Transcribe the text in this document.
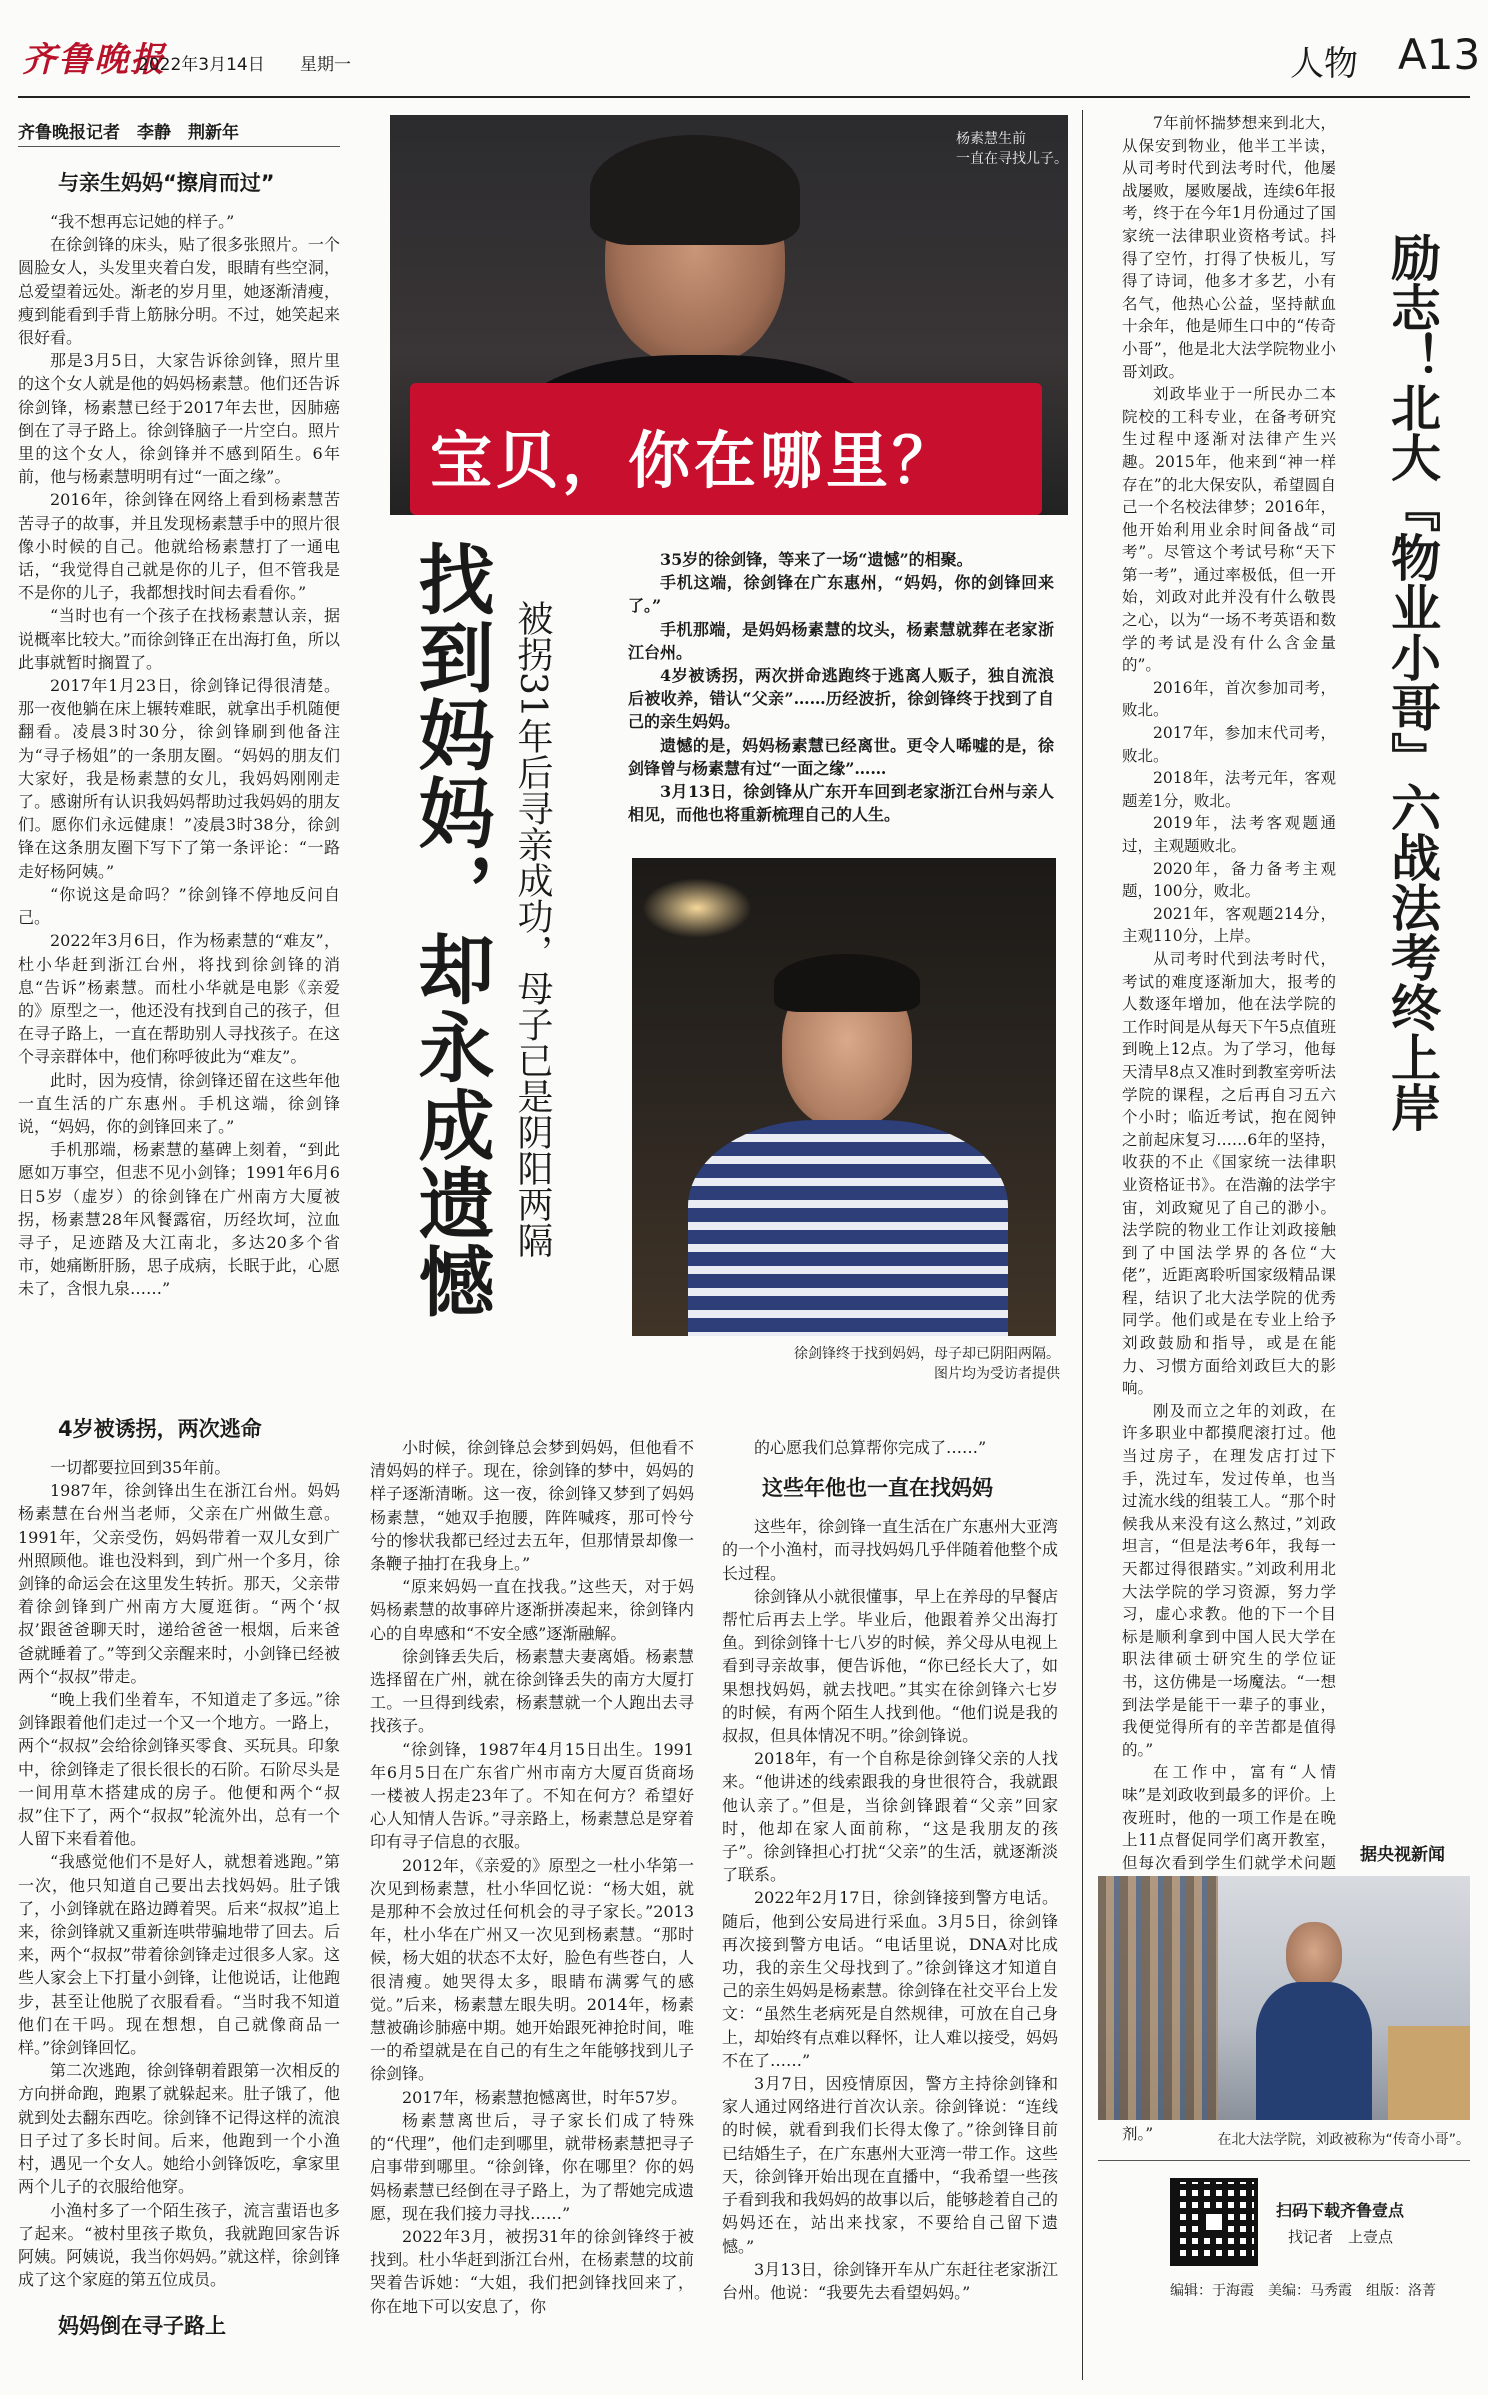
齐鲁晚报
2022年3月14日 星期一	人物 A13
齐鲁晚报记者　李静　荆新年
宝贝，你在哪里？
杨素慧生前
一直在寻找儿子。
找到妈妈，却永成遗憾 被拐31年后寻亲成功，母子已是阴阳两隔

35岁的徐剑锋，等来了一场“遗憾”的相聚。

手机这端，徐剑锋在广东惠州，“妈妈，你的剑锋回来了。”

手机那端，是妈妈杨素慧的坟头，杨素慧就葬在老家浙江台州。

4岁被诱拐，两次拼命逃跑终于逃离人贩子，独自流浪后被收养，错认“父亲”……历经波折，徐剑锋终于找到了自己的亲生妈妈。

遗憾的是，妈妈杨素慧已经离世。更令人唏嘘的是，徐剑锋曾与杨素慧有过“一面之缘”……

3月13日，徐剑锋从广东开车回到老家浙江台州与亲人相见，而他也将重新梳理自己的人生。

徐剑锋终于找到妈妈，母子却已阴阳两隔。
图片均为受访者提供
与亲生妈妈“擦肩而过”

“我不想再忘记她的样子。”

在徐剑锋的床头，贴了很多张照片。一个圆脸女人，头发里夹着白发，眼睛有些空洞，总爱望着远处。渐老的岁月里，她逐渐清瘦，瘦到能看到手背上筋脉分明。不过，她笑起来很好看。

那是3月5日，大家告诉徐剑锋，照片里的这个女人就是他的妈妈杨素慧。他们还告诉徐剑锋，杨素慧已经于2017年去世，因肺癌倒在了寻子路上。徐剑锋脑子一片空白。照片里的这个女人，徐剑锋并不感到陌生。6年前，他与杨素慧明明有过“一面之缘”。

2016年，徐剑锋在网络上看到杨素慧苦苦寻子的故事，并且发现杨素慧手中的照片很像小时候的自己。他就给杨素慧打了一通电话，“我觉得自己就是你的儿子，但不管我是不是你的儿子，我都想找时间去看看你。”

“当时也有一个孩子在找杨素慧认亲，据说概率比较大。”而徐剑锋正在出海打鱼，所以此事就暂时搁置了。

2017年1月23日，徐剑锋记得很清楚。那一夜他躺在床上辗转难眠，就拿出手机随便翻看。凌晨3时30分，徐剑锋刷到他备注为“寻子杨姐”的一条朋友圈。“妈妈的朋友们大家好，我是杨素慧的女儿，我妈妈刚刚走了。感谢所有认识我妈妈帮助过我妈妈的朋友们。愿你们永远健康！”凌晨3时38分，徐剑锋在这条朋友圈下写下了第一条评论：“一路走好杨阿姨。”

“你说这是命吗？”徐剑锋不停地反问自己。

2022年3月6日，作为杨素慧的“难友”，杜小华赶到浙江台州，将找到徐剑锋的消息“告诉”杨素慧。而杜小华就是电影《亲爱的》原型之一，他还没有找到自己的孩子，但在寻子路上，一直在帮助别人寻找孩子。在这个寻亲群体中，他们称呼彼此为“难友”。

此时，因为疫情，徐剑锋还留在这些年他一直生活的广东惠州。手机这端，徐剑锋说，“妈妈，你的剑锋回来了。”

手机那端，杨素慧的墓碑上刻着，“到此愿如万事空，但悲不见小剑锋；1991年6月6日5岁（虚岁）的徐剑锋在广州南方大厦被拐，杨素慧28年风餐露宿，历经坎坷，泣血寻子，足迹踏及大江南北，多达20多个省市，她痛断肝肠，思子成病，长眠于此，心愿未了，含恨九泉……”

4岁被诱拐，两次逃命

一切都要拉回到35年前。

1987年，徐剑锋出生在浙江台州。妈妈杨素慧在台州当老师，父亲在广州做生意。1991年，父亲受伤，妈妈带着一双儿女到广州照顾他。谁也没料到，到广州一个多月，徐剑锋的命运会在这里发生转折。那天，父亲带着徐剑锋到广州南方大厦逛街。“两个‘叔叔’跟爸爸聊天时，递给爸爸一根烟，后来爸爸就睡着了。”等到父亲醒来时，小剑锋已经被两个“叔叔”带走。

“晚上我们坐着车，不知道走了多远。”徐剑锋跟着他们走过一个又一个地方。一路上，两个“叔叔”会给徐剑锋买零食、买玩具。印象中，徐剑锋走了很长很长的石阶。石阶尽头是一间用草木搭建成的房子。他便和两个“叔叔”住下了，两个“叔叔”轮流外出，总有一个人留下来看着他。

“我感觉他们不是好人，就想着逃跑。”第一次，他只知道自己要出去找妈妈。肚子饿了，小剑锋就在路边蹲着哭。后来“叔叔”追上来，徐剑锋就又重新连哄带骗地带了回去。后来，两个“叔叔”带着徐剑锋走过很多人家。这些人家会上下打量小剑锋，让他说话，让他跑步，甚至让他脱了衣服看看。“当时我不知道他们在干吗。现在想想，自己就像商品一样。”徐剑锋回忆。

第二次逃跑，徐剑锋朝着跟第一次相反的方向拼命跑，跑累了就躲起来。肚子饿了，他就到处去翻东西吃。徐剑锋不记得这样的流浪日子过了多长时间。后来，他跑到一个小渔村，遇见一个女人。她给小剑锋饭吃，拿家里两个儿子的衣服给他穿。

小渔村多了一个陌生孩子，流言蜚语也多了起来。“被村里孩子欺负，我就跑回家告诉阿姨。阿姨说，我当你妈妈。”就这样，徐剑锋成了这个家庭的第五位成员。

妈妈倒在寻子路上

小时候，徐剑锋总会梦到妈妈，但他看不清妈妈的样子。现在，徐剑锋的梦中，妈妈的样子逐渐清晰。这一夜，徐剑锋又梦到了妈妈杨素慧，“她双手抱腰，阵阵喊疼，那可怜兮兮的惨状我都已经过去五年，但那情景却像一条鞭子抽打在我身上。”

“原来妈妈一直在找我。”这些天，对于妈妈杨素慧的故事碎片逐渐拼凑起来，徐剑锋内心的自卑感和“不安全感”逐渐融解。

徐剑锋丢失后，杨素慧夫妻离婚。杨素慧选择留在广州，就在徐剑锋丢失的南方大厦打工。一旦得到线索，杨素慧就一个人跑出去寻找孩子。

“徐剑锋，1987年4月15日出生。1991年6月5日在广东省广州市南方大厦百货商场一楼被人拐走23年了。不知在何方？希望好心人知情人告诉。”寻亲路上，杨素慧总是穿着印有寻子信息的衣服。

2012年，《亲爱的》原型之一杜小华第一次见到杨素慧，杜小华回忆说：“杨大姐，就是那种不会放过任何机会的寻子家长。”2013年，杜小华在广州又一次见到杨素慧。“那时候，杨大姐的状态不太好，脸色有些苍白，人很清瘦。她哭得太多，眼睛布满雾气的感觉。”后来，杨素慧左眼失明。2014年，杨素慧被确诊肺癌中期。她开始跟死神抢时间，唯一的希望就是在自己的有生之年能够找到儿子徐剑锋。

2017年，杨素慧抱憾离世，时年57岁。

杨素慧离世后，寻子家长们成了特殊的“代理”，他们走到哪里，就带杨素慧把寻子启事带到哪里。“徐剑锋，你在哪里？你的妈妈杨素慧已经倒在寻子路上，为了帮她完成遗愿，现在我们接力寻找……”

2022年3月，被拐31年的徐剑锋终于被找到。杜小华赶到浙江台州，在杨素慧的坟前哭着告诉她：“大姐，我们把剑锋找回来了，你在地下可以安息了，你

的心愿我们总算帮你完成了……”

这些年他也一直在找妈妈

这些年，徐剑锋一直生活在广东惠州大亚湾的一个小渔村，而寻找妈妈几乎伴随着他整个成长过程。

徐剑锋从小就很懂事，早上在养母的早餐店帮忙后再去上学。毕业后，他跟着养父出海打鱼。到徐剑锋十七八岁的时候，养父母从电视上看到寻亲故事，便告诉他，“你已经长大了，如果想找妈妈，就去找吧。”其实在徐剑锋六七岁的时候，有两个陌生人找到他。“他们说是我的叔叔，但具体情况不明。”徐剑锋说。

2018年，有一个自称是徐剑锋父亲的人找来。“他讲述的线索跟我的身世很符合，我就跟他认亲了。”但是，当徐剑锋跟着“父亲”回家时，他却在家人面前称，“这是我朋友的孩子”。徐剑锋担心打扰“父亲”的生活，就逐渐淡了联系。

2022年2月17日，徐剑锋接到警方电话。随后，他到公安局进行采血。3月5日，徐剑锋再次接到警方电话。“电话里说，DNA对比成功，我的亲生父母找到了。”徐剑锋这才知道自己的亲生妈妈是杨素慧。徐剑锋在社交平台上发文：“虽然生老病死是自然规律，可放在自己身上，却始终有点难以释怀，让人难以接受，妈妈不在了……”

3月7日，因疫情原因，警方主持徐剑锋和家人通过网络进行首次认亲。徐剑锋说：“连线的时候，就看到我们长得太像了。”徐剑锋目前已结婚生子，在广东惠州大亚湾一带工作。这些天，徐剑锋开始出现在直播中，“我希望一些孩子看到我和我妈妈的故事以后，能够趁着自己的妈妈还在，站出来找家，不要给自己留下遗憾。”

3月13日，徐剑锋开车从广东赶往老家浙江台州。他说：“我要先去看望妈妈。”

7年前怀揣梦想来到北大，从保安到物业，他半工半读，从司考时代到法考时代，他屡战屡败，屡败屡战，连续6年报考，终于在今年1月份通过了国家统一法律职业资格考试。抖得了空竹，打得了快板儿，写得了诗词，他多才多艺，小有名气，他热心公益，坚持献血十余年，他是师生口中的“传奇小哥”，他是北大法学院物业小哥刘政。

刘政毕业于一所民办二本院校的工科专业，在备考研究生过程中逐渐对法律产生兴趣。2015年，他来到“神一样存在”的北大保安队，希望圆自己一个名校法律梦；2016年，他开始利用业余时间备战“司考”。尽管这个考试号称“天下第一考”，通过率极低，但一开始，刘政对此并没有什么敬畏之心，以为“一场不考英语和数学的考试是没有什么含金量的”。

2016年，首次参加司考，败北。

2017年，参加末代司考，败北。

2018年，法考元年，客观题差1分，败北。

2019年，法考客观题通过，主观题败北。

2020年，备力备考主观题，100分，败北。

2021年，客观题214分，主观110分，上岸。

从司考时代到法考时代，考试的难度逐渐加大，报考的人数逐年增加，他在法学院的工作时间是从每天下午5点值班到晚上12点。为了学习，他每天清早8点又准时到教室旁听法学院的课程，之后再自习五六个小时；临近考试，抱在阅钟之前起床复习……6年的坚持，收获的不止《国家统一法律职业资格证书》。在浩瀚的法学宇宙，刘政窥见了自己的渺小。法学院的物业工作让刘政接触到了中国法学界的各位“大佬”，近距离聆听国家级精品课程，结识了北大法学院的优秀同学。他们或是在专业上给予刘政鼓励和指导，或是在能力、习惯方面给刘政巨大的影响。

刚及而立之年的刘政，在许多职业中都摸爬滚打过。他当过房子，在理发店打过下手，洗过车，发过传单，也当过流水线的组装工人。“那个时候我从来没有这么熬过，”刘政坦言，“但是法考6年，我每一天都过得很踏实。”刘政利用北大法学院的学习资源，努力学习，虚心求教。他的下一个目标是顺利拿到中国人民大学在职法律硕士研究生的学位证书，这仿佛是一场魔法。“一想到法学是能干一辈子的事业，我便觉得所有的辛苦都是值得的。”

在工作中，富有“人情味”是刘政收到最多的评价。上夜班时，他的一项工作是在晚上11点督促同学们离开教室，但每次看到学生们就学术问题 剂。”

据央视新闻
励志！北大『物业小哥』六战法考终上岸
在北大法学院，刘政被称为“传奇小哥”。
扫码下载齐鲁壹点
找记者　上壹点
编辑：于海霞　美编：马秀霞　组版：洛菁
